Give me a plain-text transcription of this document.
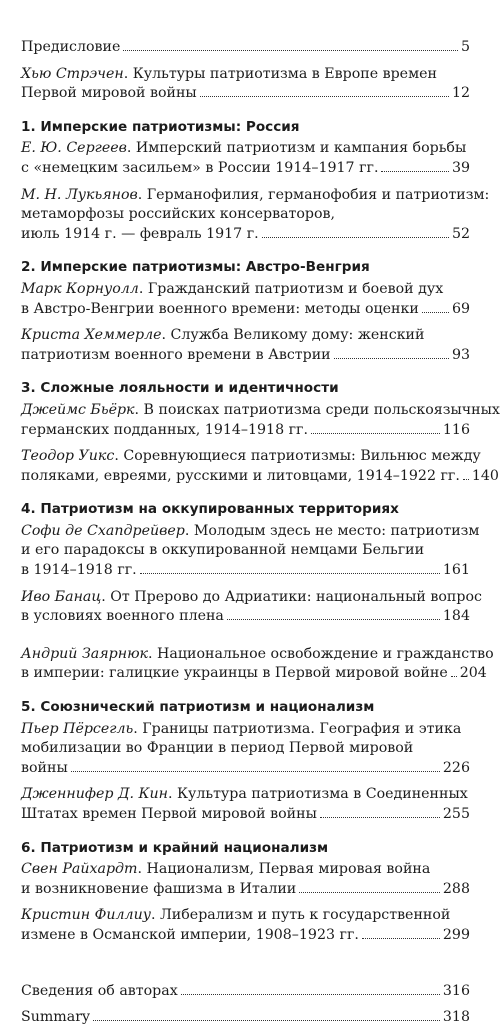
Предисловие	5
Хью Стрэчен . Культуры патриотизма в Европе времен
Первой мировой войны	12
1. Имперские патриотизмы: Россия
Е. Ю. Сергеев . Имперский патриотизм и кампания борьбы
с «немецким засильем» в России 1914–1917 гг.	39
М. Н. Лукьянов . Германофилия, германофобия и патриотизм:
метаморфозы российских консерваторов,
июль 1914 г. — февраль 1917 г.	52
2. Имперские патриотизмы: Австро-Венгрия
Марк Корнуолл . Гражданский патриотизм и боевой дух
в Австро-Венгрии военного времени: методы оценки 69
Криста Хеммерле . Служба Великому дому: женский
патриотизм военного времени в Австрии	93
3. Сложные лояльности и идентичности
Джеймс Бьёрк . В поисках патриотизма среди польскоязычных
германских подданных, 1914–1918 гг.	116
Теодор Уикс . Соревнующиеся патриотизмы: Вильнюс между
поляками, евреями, русскими и литовцами, 1914–1922 гг. 140
4. Патриотизм на оккупированных территориях
Софи де Схапдрейвер . Молодым здесь не место: патриотизм
и его парадоксы в оккупированной немцами Бельгии
в 1914–1918 гг.	161
Иво Банац . От Прерово до Адриатики: национальный вопрос
в условиях военного плена	184
Андрий Заярнюк . Национальное освобождение и гражданство
в империи: галицкие украинцы в Первой мировой войне 204
5. Союзнический патриотизм и национализм
Пьер Пёрсегль . Границы патриотизма. География и этика
мобилизации во Франции в период Первой мировой
войны	226
Дженнифер Д. Кин . Культура патриотизма в Соединенных
Штатах времен Первой мировой войны	255
6. Патриотизм и крайний национализм
Свен Райхардт . Национализм, Первая мировая война
и возникновение фашизма в Италии	288
Кристин Филлиу . Либерализм и путь к государственной
измене в Османской империи, 1908–1923 гг.	299
Сведения об авторах	316
Summary	318
